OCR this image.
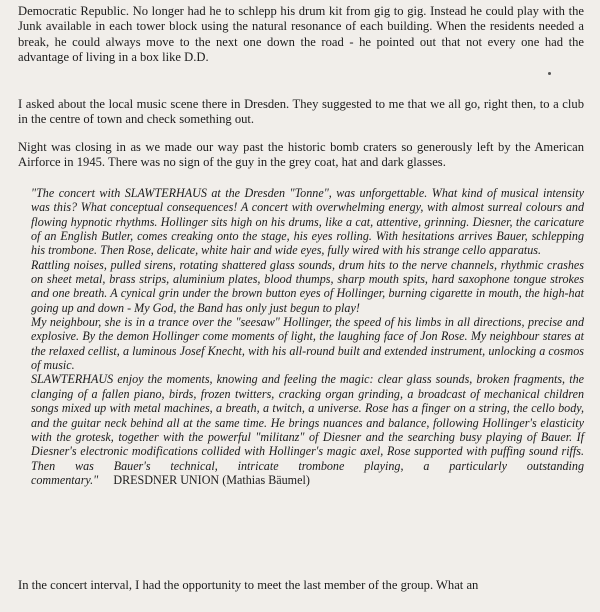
Democratic Republic. No longer had he to schlepp his drum kit from gig to gig. Instead he could play with the Junk available in each tower block using the natural resonance of each building. When the residents needed a break, he could always move to the next one down the road - he pointed out that not every one had the advantage of living in a box like D.D.

I asked about the local music scene there in Dresden. They suggested to me that we all go, right then, to a club in the centre of town and check something out.

Night was closing in as we made our way past the historic bomb craters so generously left by the American Airforce in 1945. There was no sign of the guy in the grey coat, hat and dark glasses.

"The concert with SLAWTERHAUS at the Dresden "Tonne", was unforgettable. What kind of musical intensity was this? What conceptual consequences! A concert with overwhelming energy, with almost surreal colours and flowing hypnotic rhythms. Hollinger sits high on his drums, like a cat, attentive, grinning. Diesner, the caricature of an English Butler, comes creaking onto the stage, his eyes rolling. With hesitations arrives Bauer, schlepping his trombone. Then Rose, delicate, white hair and wide eyes, fully wired with his strange cello apparatus.

Rattling noises, pulled sirens, rotating shattered glass sounds, drum hits to the nerve channels, rhythmic crashes on sheet metal, brass strips, aluminium plates, blood thumps, sharp mouth spits, hard saxophone tongue strokes and one breath. A cynical grin under the brown button eyes of Hollinger, burning cigarette in mouth, the high-hat going up and down - My God, the Band has only just begun to play!

My neighbour, she is in a trance over the "seesaw" Hollinger, the speed of his limbs in all directions, precise and explosive. By the demon Hollinger come moments of light, the laughing face of Jon Rose. My neighbour stares at the relaxed cellist, a luminous Josef Knecht, with his all-round built and extended instrument, unlocking a cosmos of music.

SLAWTERHAUS enjoy the moments, knowing and feeling the magic: clear glass sounds, broken fragments, the clanging of a fallen piano, birds, frozen twitters, cracking organ grinding, a broadcast of mechanical children songs mixed up with metal machines, a breath, a twitch, a universe. Rose has a finger on a string, the cello body, and the guitar neck behind all at the same time. He brings nuances and balance, following Hollinger's elasticity with the grotesk, together with the powerful "militanz" of Diesner and the searching busy playing of Bauer. If Diesner's electronic modifications collided with Hollinger's magic axel, Rose supported with puffing sound riffs. Then was Bauer's technical, intricate trombone playing, a particularly outstanding commentary." DRESDNER UNION (Mathias Bäumel)

In the concert interval, I had the opportunity to meet the last member of the group. What an
